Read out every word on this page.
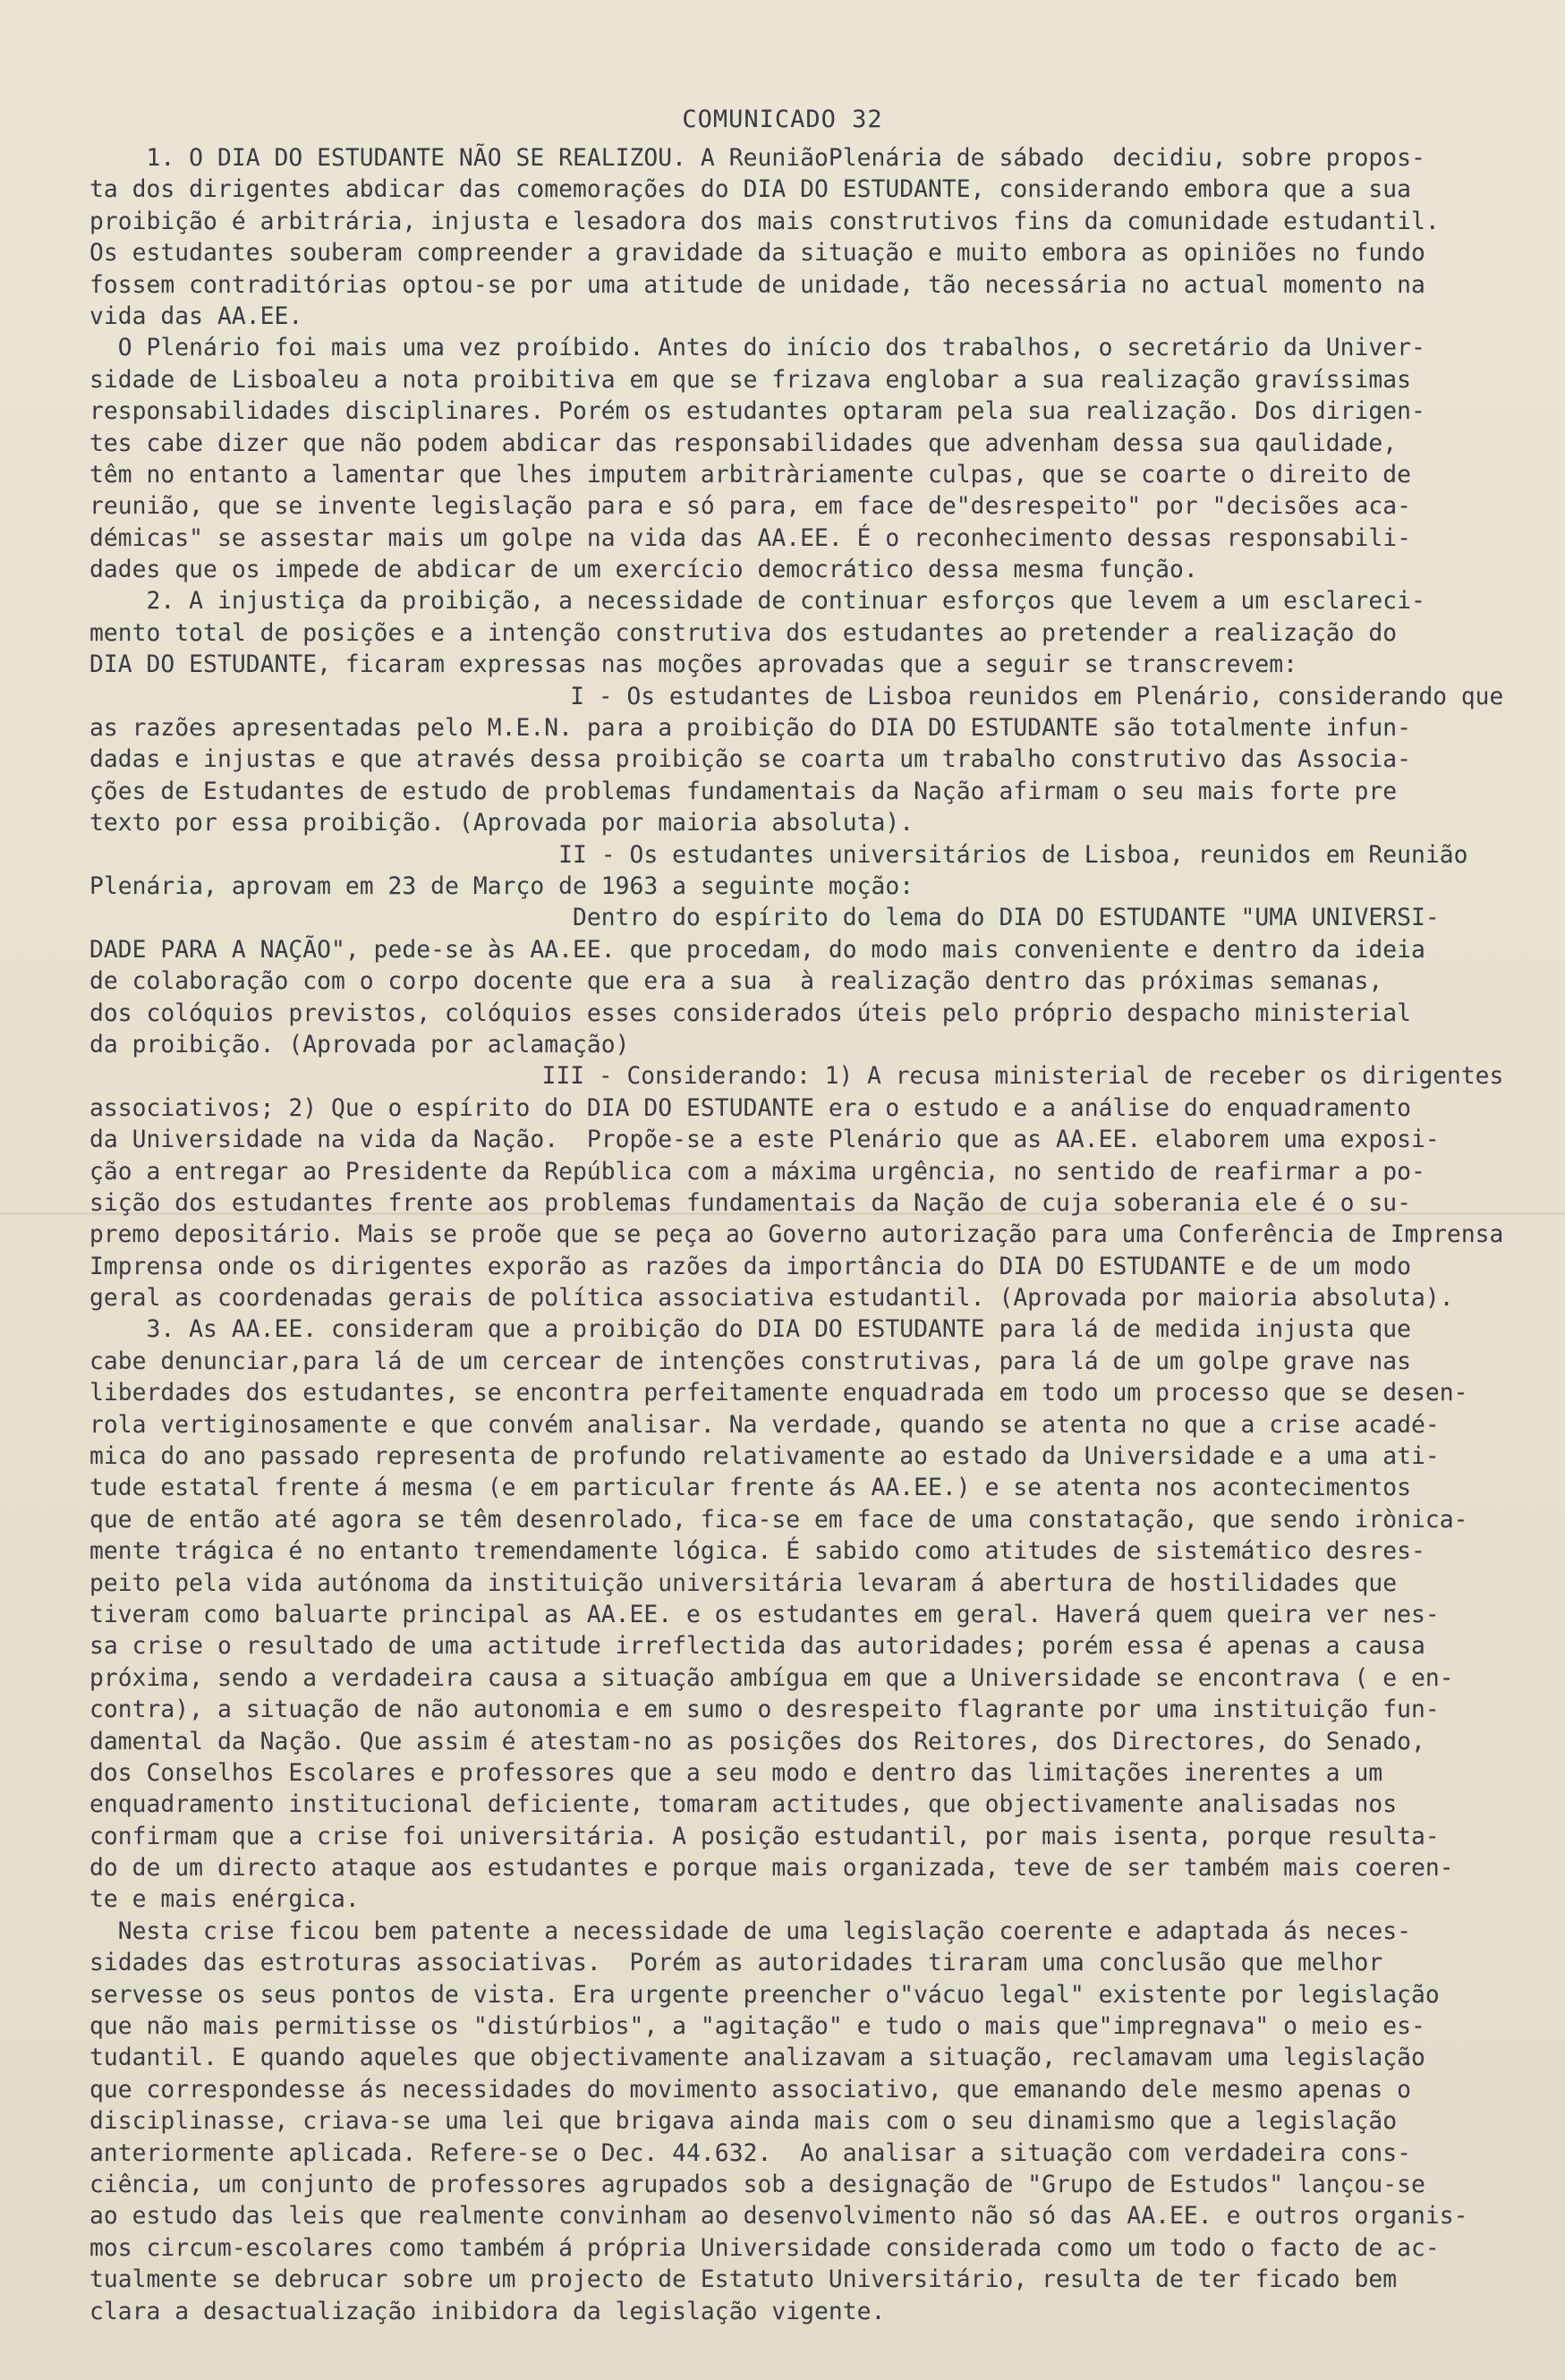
COMUNICADO 32
1. O DIA DO ESTUDANTE NÃO SE REALIZOU. A ReuniãoPlenária de sábado  decidiu, sobre propos-
ta dos dirigentes abdicar das comemorações do DIA DO ESTUDANTE, considerando embora que a sua
proibição é arbitrária, injusta e lesadora dos mais construtivos fins da comunidade estudantil.
Os estudantes souberam compreender a gravidade da situação e muito embora as opiniões no fundo
fossem contraditórias optou-se por uma atitude de unidade, tão necessária no actual momento na
vida das AA.EE.
O Plenário foi mais uma vez proíbido. Antes do início dos trabalhos, o secretário da Univer-
sidade de Lisboaleu a nota proibitiva em que se frizava englobar a sua realização gravíssimas
responsabilidades disciplinares. Porém os estudantes optaram pela sua realização. Dos dirigen-
tes cabe dizer que não podem abdicar das responsabilidades que advenham dessa sua qaulidade,
têm no entanto a lamentar que lhes imputem arbitràriamente culpas, que se coarte o direito de
reunião, que se invente legislação para e só para, em face de"desrespeito" por "decisões aca-
démicas" se assestar mais um golpe na vida das AA.EE. É o reconhecimento dessas responsabili-
dades que os impede de abdicar de um exercício democrático dessa mesma função.
2. A injustiça da proibição, a necessidade de continuar esforços que levem a um esclareci-
mento total de posições e a intenção construtiva dos estudantes ao pretender a realização do
DIA DO ESTUDANTE, ficaram expressas nas moções aprovadas que a seguir se transcrevem:
I - Os estudantes de Lisboa reunidos em Plenário, considerando que
as razões apresentadas pelo M.E.N. para a proibição do DIA DO ESTUDANTE são totalmente infun-
dadas e injustas e que através dessa proibição se coarta um trabalho construtivo das Associa-
ções de Estudantes de estudo de problemas fundamentais da Nação afirmam o seu mais forte pre
texto por essa proibição. (Aprovada por maioria absoluta).
II - Os estudantes universitários de Lisboa, reunidos em Reunião
Plenária, aprovam em 23 de Março de 1963 a seguinte moção:
Dentro do espírito do lema do DIA DO ESTUDANTE "UMA UNIVERSI-
DADE PARA A NAÇÃO", pede-se às AA.EE. que procedam, do modo mais conveniente e dentro da ideia
de colaboração com o corpo docente que era a sua  à realização dentro das próximas semanas,
dos colóquios previstos, colóquios esses considerados úteis pelo próprio despacho ministerial
da proibição. (Aprovada por aclamação)
III - Considerando: 1) A recusa ministerial de receber os dirigentes
associativos; 2) Que o espírito do DIA DO ESTUDANTE era o estudo e a análise do enquadramento
da Universidade na vida da Nação.  Propõe-se a este Plenário que as AA.EE. elaborem uma exposi-
ção a entregar ao Presidente da República com a máxima urgência, no sentido de reafirmar a po-
sição dos estudantes frente aos problemas fundamentais da Nação de cuja soberania ele é o su-
premo depositário. Mais se proõe que se peça ao Governo autorização para uma Conferência de Imprensa
Imprensa onde os dirigentes exporão as razões da importância do DIA DO ESTUDANTE e de um modo
geral as coordenadas gerais de política associativa estudantil. (Aprovada por maioria absoluta).
3. As AA.EE. consideram que a proibição do DIA DO ESTUDANTE para lá de medida injusta que
cabe denunciar,para lá de um cercear de intenções construtivas, para lá de um golpe grave nas
liberdades dos estudantes, se encontra perfeitamente enquadrada em todo um processo que se desen-
rola vertiginosamente e que convém analisar. Na verdade, quando se atenta no que a crise acadé-
mica do ano passado representa de profundo relativamente ao estado da Universidade e a uma ati-
tude estatal frente á mesma (e em particular frente ás AA.EE.) e se atenta nos acontecimentos
que de então até agora se têm desenrolado, fica-se em face de uma constatação, que sendo irònica-
mente trágica é no entanto tremendamente lógica. É sabido como atitudes de sistemático desres-
peito pela vida autónoma da instituição universitária levaram á abertura de hostilidades que
tiveram como baluarte principal as AA.EE. e os estudantes em geral. Haverá quem queira ver nes-
sa crise o resultado de uma actitude irreflectida das autoridades; porém essa é apenas a causa
próxima, sendo a verdadeira causa a situação ambígua em que a Universidade se encontrava ( e en-
contra), a situação de não autonomia e em sumo o desrespeito flagrante por uma instituição fun-
damental da Nação. Que assim é atestam-no as posições dos Reitores, dos Directores, do Senado,
dos Conselhos Escolares e professores que a seu modo e dentro das limitações inerentes a um
enquadramento institucional deficiente, tomaram actitudes, que objectivamente analisadas nos
confirmam que a crise foi universitária. A posição estudantil, por mais isenta, porque resulta-
do de um directo ataque aos estudantes e porque mais organizada, teve de ser também mais coeren-
te e mais enérgica.
Nesta crise ficou bem patente a necessidade de uma legislação coerente e adaptada ás neces-
sidades das estroturas associativas.  Porém as autoridades tiraram uma conclusão que melhor
servesse os seus pontos de vista. Era urgente preencher o"vácuo legal" existente por legislação
que não mais permitisse os "distúrbios", a "agitação" e tudo o mais que"impregnava" o meio es-
tudantil. E quando aqueles que objectivamente analizavam a situação, reclamavam uma legislação
que correspondesse ás necessidades do movimento associativo, que emanando dele mesmo apenas o
disciplinasse, criava-se uma lei que brigava ainda mais com o seu dinamismo que a legislação
anteriormente aplicada. Refere-se o Dec. 44.632.  Ao analisar a situação com verdadeira cons-
ciência, um conjunto de professores agrupados sob a designação de "Grupo de Estudos" lançou-se
ao estudo das leis que realmente convinham ao desenvolvimento não só das AA.EE. e outros organis-
mos circum-escolares como também á própria Universidade considerada como um todo o facto de ac-
tualmente se debrucar sobre um projecto de Estatuto Universitário, resulta de ter ficado bem
clara a desactualização inibidora da legislação vigente.
